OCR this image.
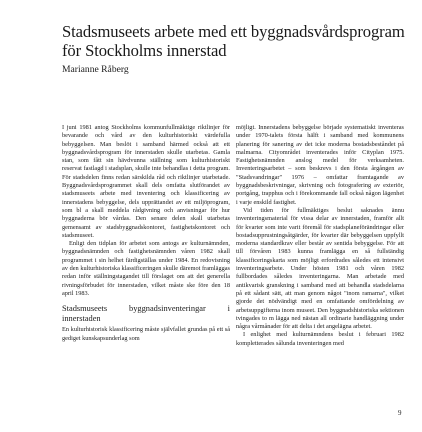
Stadsmuseets arbete med ett byggnadsvårdsprogram för Stockholms innerstad
Marianne Råberg

I juni 1981 antog Stockholms kommunfullmäktige riktlinjer för bevarande och vård av den kulturhistoriskt värdefulla bebyggelsen. Man beslöt i samband härmed också att ett byggnadsvårdsprogram för innerstaden skulle utarbetas. Gamla stan, som fått sin hävdvunna ställning som kulturhistoriskt reservat fastlagd i stadsplan, skulle inte behandlas i detta program. För stadsdelen finns redan särskilda råd och riktlinjer utarbetade. Byggnadsvårdsprogrammet skall dels omfatta slutförandet av stadsmuseets arbete med inventering och klassificering av innerstadens bebyggelse, dels upprättandet av ett miljöprogram, som bl a skall meddela rådgivning och anvisningar för hur byggnaderna bör vårdas. Den senare delen skall utarbetas gemensamt av stadsbyggnadskontoret, fastighetskontoret och stadsmuseet.

Enligt den tidplan för arbetet som antogs av kulturnämnden, byggnadsnämnden och fastighetsnämnden våren 1982 skall programmet i sin helhet färdigställas under 1984. En redovisning av den kulturhistoriska klassificeringen skulle däremot framläggas redan inför ställningstagandet till förslaget om att det generella rivningsförbudet för innerstaden, vilket måste ske före den 18 april 1983.

Stadsmuseets byggnadsinventeringar i innerstaden

En kulturhistorisk klassificering måste självfallet grundas på ett så gediget kunskapsunderlag som

möjligt. Innerstadens bebyggelse började systematiskt inventeras under 1970-talets första hälft i samband med kommunens planering för sanering av det icke moderna bostadsbeståndet på malmarna. Cityområdet inventerades inför Cityplan 1975. Fastighetsnämnden anslog medel för verksamheten. Inventeringsarbetet – som beskrevs i den första årgången av "Stadsvandringar" 1976 – omfattar framtagande av byggnadsbeskrivningar, skrivning och fotografering av exteriör, portgång, trapphus och i förekommande fall också någon lägenhet i varje enskild fastighet.

Vid tiden för fullmäktiges beslut saknades ännu inventeringsmaterial för vissa delar av innerstaden, framför allt för kvarter som inte varit föremål för stadsplaneförändringar eller bostadsupprustningsåtgärder, för kvarter där bebyggelsen uppfyllt moderna standardkrav eller består av sentida bebyggelse. För att till förvåren 1983 kunna framlägga en så fullständig klassificeringskarta som möjligt erfordrades således ett intensivt inventeringsarbete. Under hösten 1981 och våren 1982 fullbordades således inventeringarna. Man arbetade med antikvarisk granskning i samband med att behandla stadsdelarna på ett sådant sätt, att man genom något "inom ramarna", vilket gjorde det nödvändigt med en omfattande omfördelning av arbetsuppgifterna inom museet. Den byggnadshistoriska sektionen tvingades to m lägga ned nästan all ordinarie handläggning under några vårmånader för att delta i det angelägna arbetet.

I enlighet med kulturnämndens beslut i februari 1982 kompletterades sålunda inventeringen med

9
